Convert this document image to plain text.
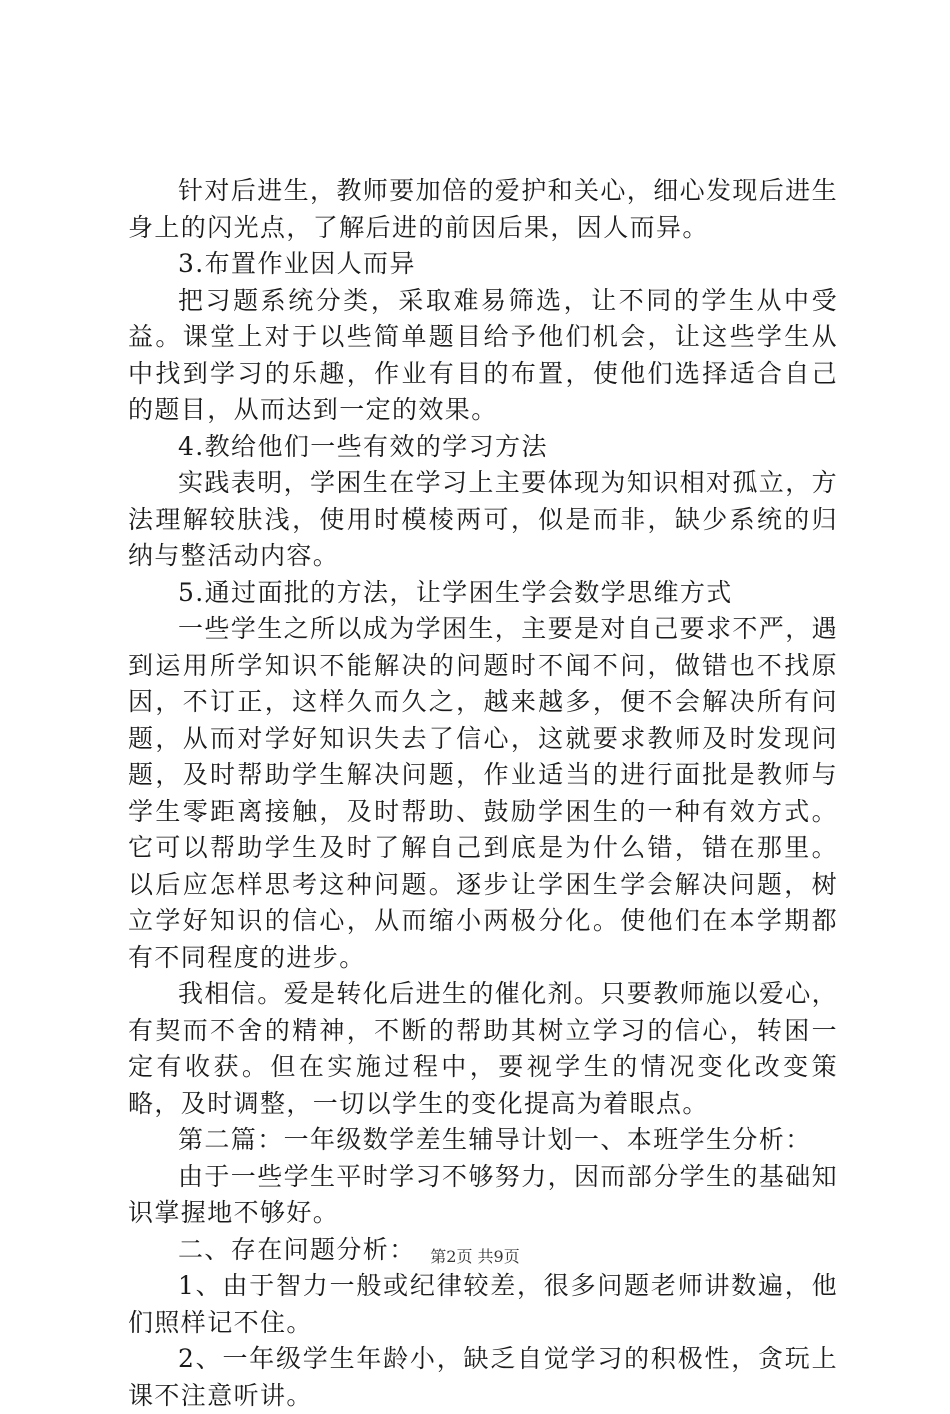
针对后进生，教师要加倍的爱护和关心，细心发现后进生身上的闪光点，了解后进的前因后果，因人而异。

3.布置作业因人而异

把习题系统分类，采取难易筛选，让不同的学生从中受益。课堂上对于以些简单题目给予他们机会，让这些学生从中找到学习的乐趣，作业有目的布置，使他们选择适合自己的题目，从而达到一定的效果。

4.教给他们一些有效的学习方法

实践表明，学困生在学习上主要体现为知识相对孤立，方法理解较肤浅，使用时模棱两可，似是而非，缺少系统的归纳与整活动内容。

5.通过面批的方法，让学困生学会数学思维方式

一些学生之所以成为学困生，主要是对自己要求不严，遇到运用所学知识不能解决的问题时不闻不问，做错也不找原因，不订正，这样久而久之，越来越多，便不会解决所有问题，从而对学好知识失去了信心，这就要求教师及时发现问题，及时帮助学生解决问题，作业适当的进行面批是教师与学生零距离接触，及时帮助、鼓励学困生的一种有效方式。它可以帮助学生及时了解自己到底是为什么错，错在那里。以后应怎样思考这种问题。逐步让学困生学会解决问题，树立学好知识的信心，从而缩小两极分化。使他们在本学期都有不同程度的进步。

我相信。爱是转化后进生的催化剂。只要教师施以爱心，有契而不舍的精神，不断的帮助其树立学习的信心，转困一定有收获。但在实施过程中，要视学生的情况变化改变策略，及时调整，一切以学生的变化提高为着眼点。

第二篇：一年级数学差生辅导计划一、本班学生分析：

由于一些学生平时学习不够努力，因而部分学生的基础知识掌握地不够好。

二、存在问题分析：

1、由于智力一般或纪律较差，很多问题老师讲数遍，他们照样记不住。

2、一年级学生年龄小，缺乏自觉学习的积极性，贪玩上课不注意听讲。

第2页 共9页
